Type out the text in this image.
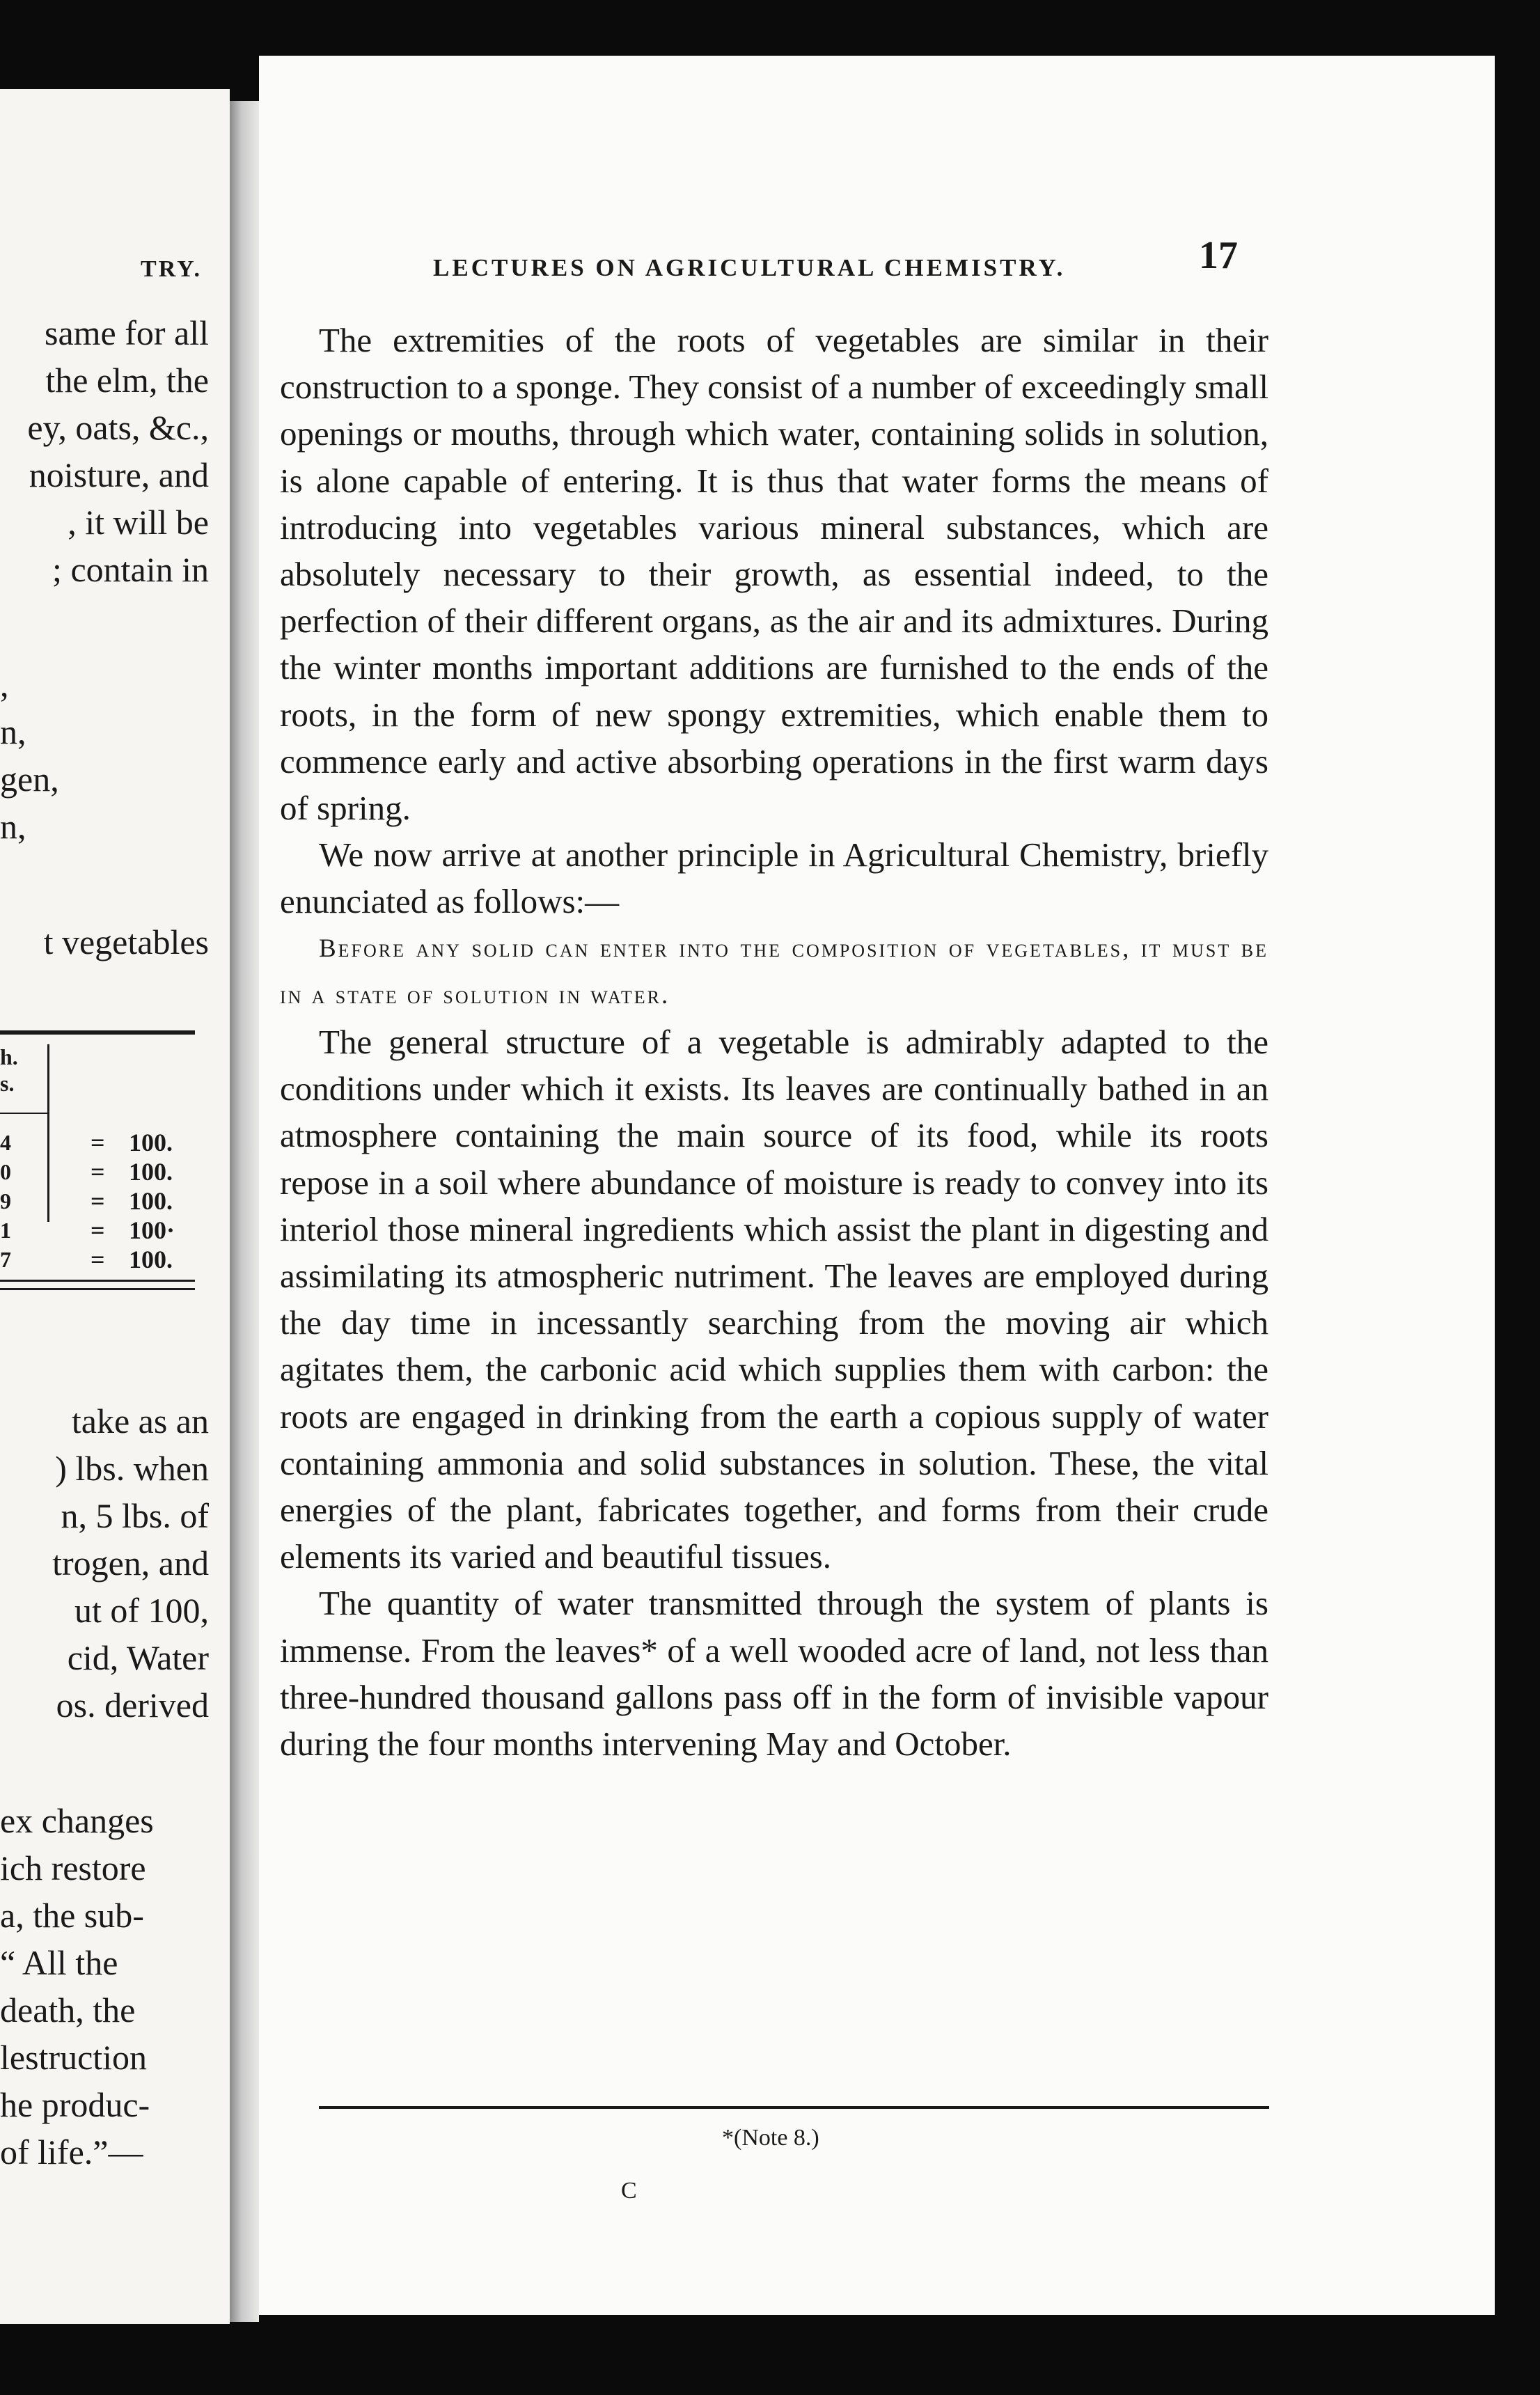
TRY.
same for all
the elm, the
ey, oats, &c.,
noisture, and
, it will be
; contain in
,
n,
gen,
n,
t vegetables
h.
s.
4	= 100.
0	= 100.
9	= 100.
1	= 100·
7	= 100.
take as an
) lbs. when
n, 5 lbs. of
trogen, and
ut of 100,
cid, Water
os. derived
ex changes
ich restore
a, the sub-
“ All the
death, the
lestruction
he produc-
of life.”—
LECTURES ON AGRICULTURAL CHEMISTRY.	17

The extremities of the roots of vegetables are similar in their construction to a sponge. They consist of a number of exceedingly small openings or mouths, through which water, containing solids in solution, is alone capable of entering. It is thus that water forms the means of introducing into vegetables various mineral substances, which are absolutely necessary to their growth, as essential indeed, to the perfection of their different organs, as the air and its admixtures. During the winter months important additions are furnished to the ends of the roots, in the form of new spongy extremities, which enable them to commence early and active absorbing operations in the first warm days of spring.

We now arrive at another principle in Agricultural Chemistry, briefly enunciated as follows:—

Before any solid can enter into the composition of vegetables, it must be in a state of solution in water.

The general structure of a vegetable is admirably adapted to the conditions under which it exists. Its leaves are continually bathed in an atmosphere containing the main source of its food, while its roots repose in a soil where abundance of moisture is ready to convey into its interiol those mineral ingredients which assist the plant in digesting and assimilating its atmospheric nutriment. The leaves are employed during the day time in incessantly searching from the moving air which agitates them, the carbonic acid which supplies them with carbon: the roots are engaged in drinking from the earth a copious supply of water containing ammonia and solid substances in solution. These, the vital energies of the plant, fabricates together, and forms from their crude elements its varied and beautiful tissues.

The quantity of water transmitted through the system of plants is immense. From the leaves* of a well wooded acre of land, not less than three-hundred thousand gallons pass off in the form of invisible vapour during the four months intervening May and October.

*(Note 8.)
C
